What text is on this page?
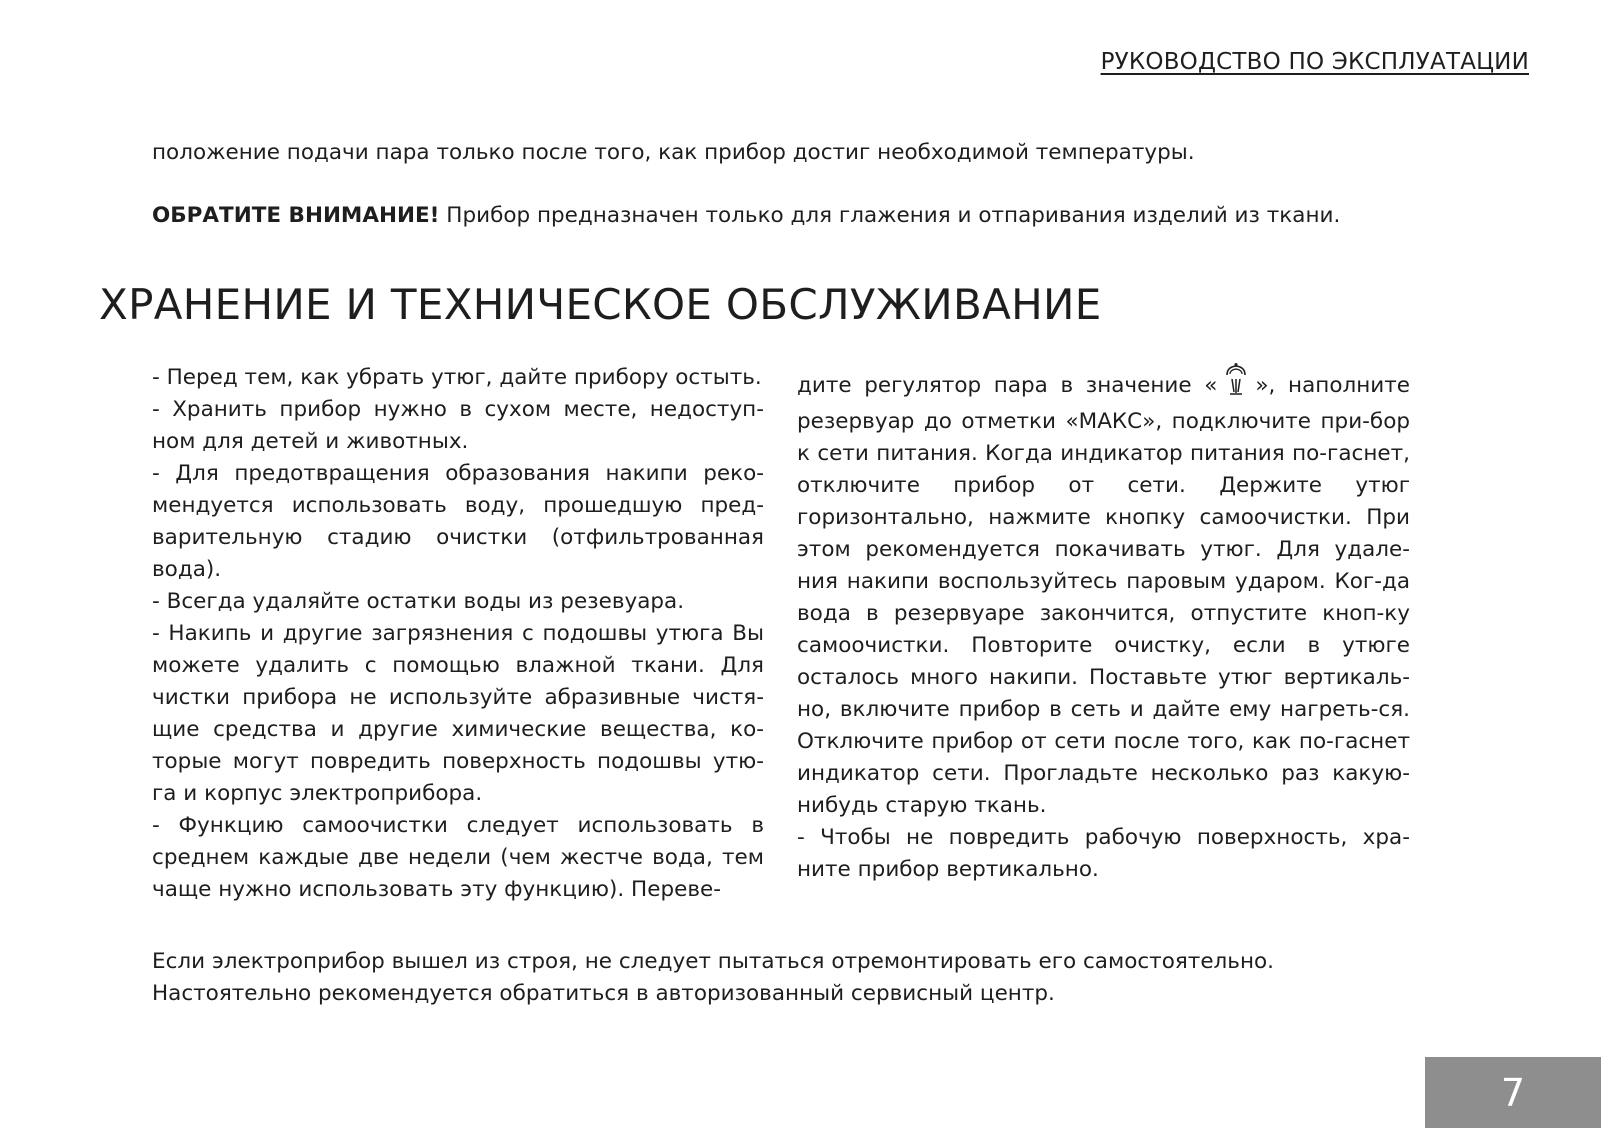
РУКОВОДСТВО ПО ЭКСПЛУАТАЦИИ

положение подачи пара только после того, как прибор достиг необходимой температуры.

ОБРАТИТЕ ВНИМАНИЕ! Прибор предназначен только для глажения и отпаривания изделий из ткани.

ХРАНЕНИЕ И ТЕХНИЧЕСКОЕ ОБСЛУЖИВАНИЕ

- Перед тем, как убрать утюг, дайте прибору остыть.

- Хранить прибор нужно в сухом месте, недоступ-ном для детей и животных.

- Для предотвращения образования накипи реко-мендуется использовать воду, прошедшую пред-варительную стадию очистки (отфильтрованная вода).

- Всегда удаляйте остатки воды из резевуара.

- Накипь и другие загрязнения с подошвы утюга Вы можете удалить с помощью влажной ткани. Для чистки прибора не используйте абразивные чистя-щие средства и другие химические вещества, ко-торые могут повредить поверхность подошвы утю-га и корпус электроприбора.

- Функцию самоочистки следует использовать в среднем каждые две недели (чем жестче вода, тем чаще нужно использовать эту функцию). Переве-

дите регулятор пара в значение « », наполните резервуар до отметки «МАКС», подключите при-бор к сети питания. Когда индикатор питания по-гаснет, отключите прибор от сети. Держите утюг горизонтально, нажмите кнопку самоочистки. При этом рекомендуется покачивать утюг. Для удале-ния накипи воспользуйтесь паровым ударом. Ког-да вода в резервуаре закончится, отпустите кноп-ку самоочистки. Повторите очистку, если в утюге осталось много накипи. Поставьте утюг вертикаль-но, включите прибор в сеть и дайте ему нагреть-ся. Отключите прибор от сети после того, как по-гаснет индикатор сети. Прогладьте несколько раз какую-нибудь старую ткань.

- Чтобы не повредить рабочую поверхность, хра-ните прибор вертикально.

Если электроприбор вышел из строя, не следует пытаться отремонтировать его самостоятельно.
Настоятельно рекомендуется обратиться в авторизованный сервисный центр.

7
